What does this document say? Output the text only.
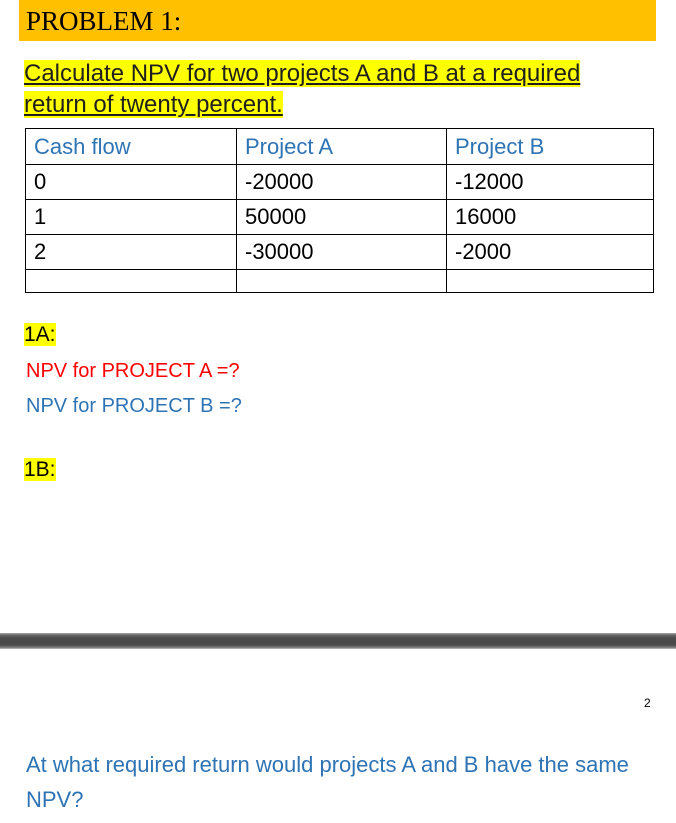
PROBLEM 1:
Calculate NPV for two projects A and B at a required
return of twenty percent.
Cash flow	Project A	Project B
0	-20000	-12000
1	50000	16000
2	-30000	-2000

1A:
NPV for PROJECT A =?
NPV for PROJECT B =?
1B:
2
At what required return would projects A and B have the same NPV?
